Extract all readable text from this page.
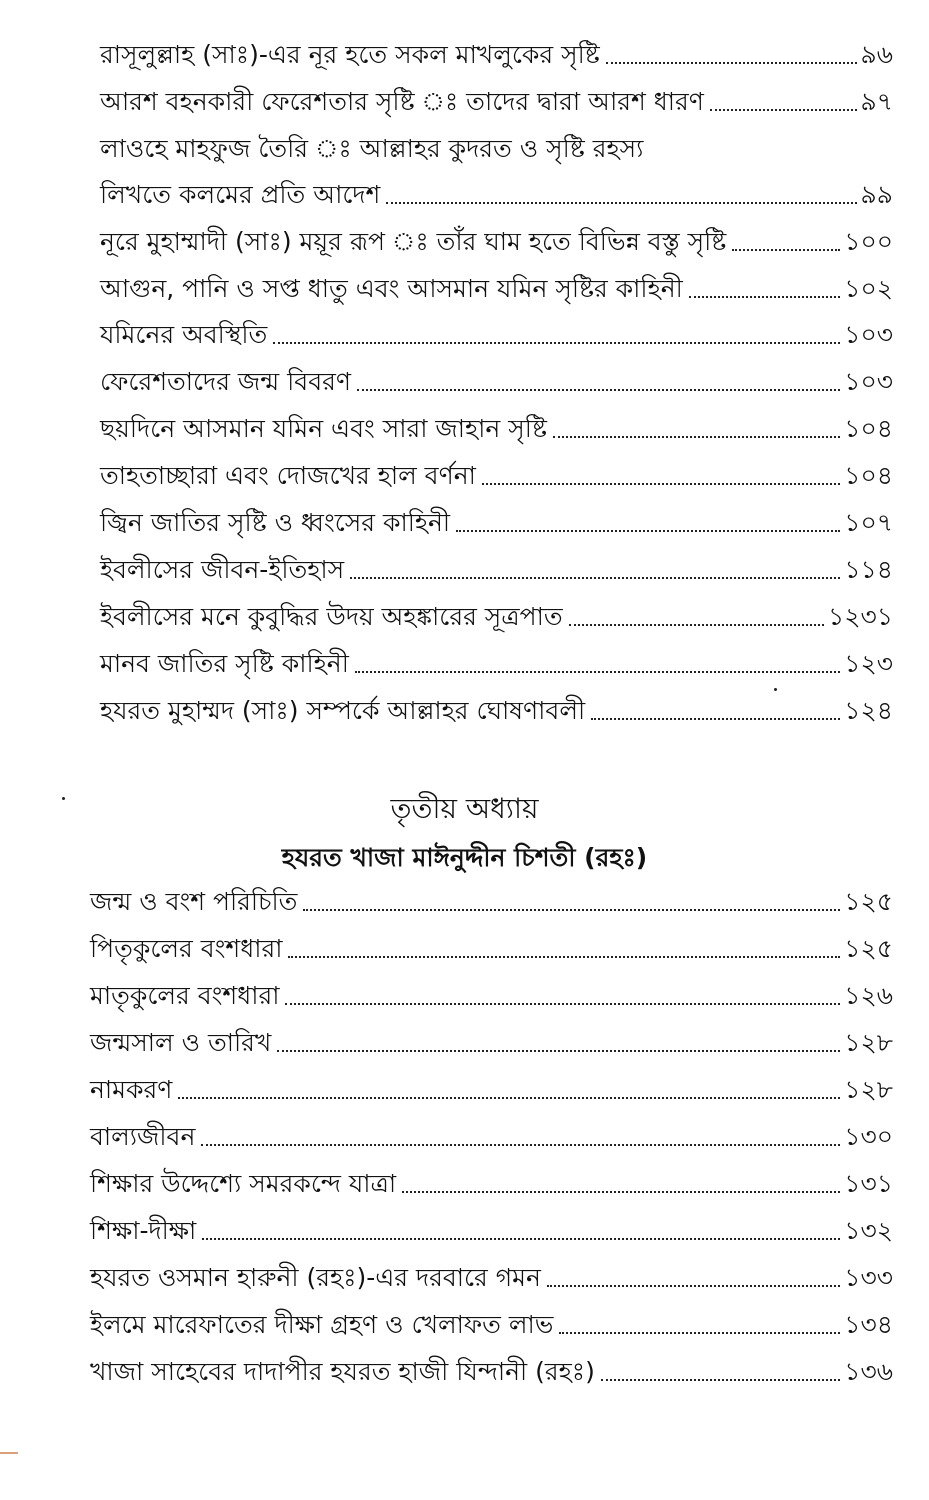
রাসূলুল্লাহ (সাঃ)-এর নূর হতে সকল মাখলুকের সৃষ্টি	৯৬
আরশ বহনকারী ফেরেশতার সৃষ্টি ঃ তাদের দ্বারা আরশ ধারণ	৯৭
লাওহে মাহফুজ তৈরি ঃ আল্লাহর কুদরত ও সৃষ্টি রহস্য
লিখতে কলমের প্রতি আদেশ	৯৯
নূরে মুহাম্মাদী (সাঃ) ময়ূর রূপ ঃ তাঁর ঘাম হতে বিভিন্ন বস্তু সৃষ্টি	১০০
আগুন, পানি ও সপ্ত ধাতু এবং আসমান যমিন সৃষ্টির কাহিনী	১০২
যমিনের অবস্থিতি	১০৩
ফেরেশতাদের জন্ম বিবরণ	১০৩
ছয়দিনে আসমান যমিন এবং সারা জাহান সৃষ্টি	১০৪
তাহতাচ্ছারা এবং দোজখের হাল বর্ণনা	১০৪
জ্বিন জাতির সৃষ্টি ও ধ্বংসের কাহিনী	১০৭
ইবলীসের জীবন-ইতিহাস	১১৪
ইবলীসের মনে কুবুদ্ধির উদয় অহঙ্কারের সূত্রপাত	১২৩১
মানব জাতির সৃষ্টি কাহিনী	১২৩
হযরত মুহাম্মদ (সাঃ) সম্পর্কে আল্লাহর ঘোষণাবলী	১২৪
তৃতীয় অধ্যায়
হযরত খাজা মাঈনুদ্দীন চিশতী (রহঃ)
জন্ম ও বংশ পরিচিতি	১২৫
পিতৃকুলের বংশধারা	১২৫
মাতৃকুলের বংশধারা	১২৬
জন্মসাল ও তারিখ	১২৮
নামকরণ	১২৮
বাল্যজীবন	১৩০
শিক্ষার উদ্দেশ্যে সমরকন্দে যাত্রা	১৩১
শিক্ষা-দীক্ষা	১৩২
হযরত ওসমান হারুনী (রহঃ)-এর দরবারে গমন	১৩৩
ইলমে মারেফাতের দীক্ষা গ্রহণ ও খেলাফত লাভ	১৩৪
খাজা সাহেবের দাদাপীর হযরত হাজী যিন্দানী (রহঃ)	১৩৬
